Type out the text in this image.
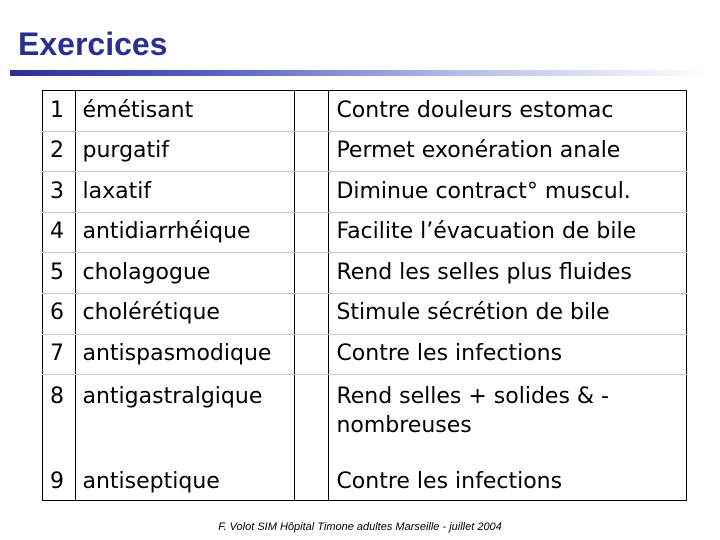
Exercices
1	émétisant		Contre douleurs estomac
2	purgatif		Permet exonération anale
3	laxatif		Diminue contract° muscul.
4	antidiarrhéique		Facilite l’évacuation de bile
5	cholagogue		Rend les selles plus fluides
6	cholérétique		Stimule sécrétion de bile
7	antispasmodique		Contre les infections
8	antigastralgique		Rend selles + solides & -
nombreuses
9	antiseptique		Contre les infections
F. Volot SIM Hôpital Timone adultes Marseille - juillet 2004
